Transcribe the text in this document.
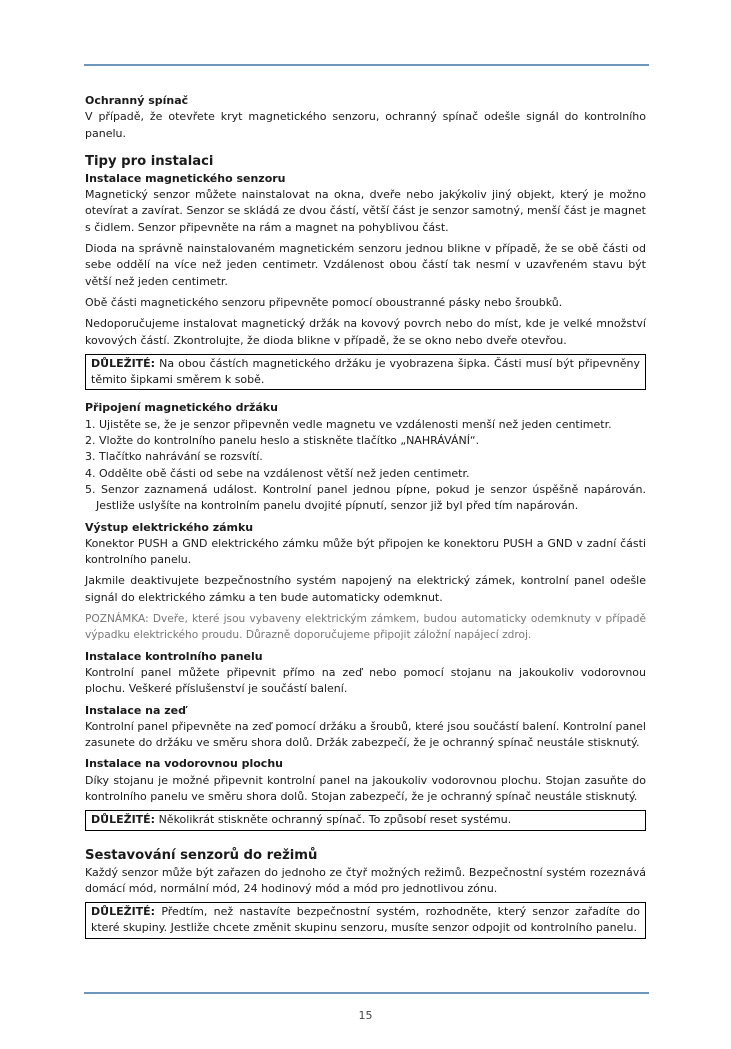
Ochranný spínač

V případě, že otevřete kryt magnetického senzoru, ochranný spínač odešle signál do kontrolního panelu.

Tipy pro instalaci
Instalace magnetického senzoru

Magnetický senzor můžete nainstalovat na okna, dveře nebo jakýkoliv jiný objekt, který je možno otevírat a zavírat. Senzor se skládá ze dvou částí, větší část je senzor samotný, menší část je magnet s čidlem. Senzor připevněte na rám a magnet na pohyblivou část.

Dioda na správně nainstalovaném magnetickém senzoru jednou blikne v případě, že se obě části od sebe oddělí na více než jeden centimetr. Vzdálenost obou částí tak nesmí v uzavřeném stavu být větší než jeden centimetr.

Obě části magnetického senzoru připevněte pomocí oboustranné pásky nebo šroubků.

Nedoporučujeme instalovat magnetický držák na kovový povrch nebo do míst, kde je velké množství kovových částí. Zkontrolujte, že dioda blikne v případě, že se okno nebo dveře otevřou.

DŮLEŽITÉ: Na obou částích magnetického držáku je vyobrazena šipka. Části musí být připevněny těmito šipkami směrem k sobě.
Připojení magnetického držáku
1. Ujistěte se, že je senzor připevněn vedle magnetu ve vzdálenosti menší než jeden centimetr.
2. Vložte do kontrolního panelu heslo a stiskněte tlačítko „NAHRÁVÁNÍ“.
3. Tlačítko nahrávání se rozsvítí.
4. Oddělte obě části od sebe na vzdálenost větší než jeden centimetr.
5. Senzor zaznamená událost. Kontrolní panel jednou pípne, pokud je senzor úspěšně napárován. Jestliže uslyšíte na kontrolním panelu dvojité pípnutí, senzor již byl před tím napárován.
Výstup elektrického zámku

Konektor PUSH a GND elektrického zámku může být připojen ke konektoru PUSH a GND v zadní části kontrolního panelu.

Jakmile deaktivujete bezpečnostního systém napojený na elektrický zámek, kontrolní panel odešle signál do elektrického zámku a ten bude automaticky odemknut.

POZNÁMKA: Dveře, které jsou vybaveny elektrickým zámkem, budou automaticky odemknuty v případě výpadku elektrického proudu. Důrazně doporučujeme připojit záložní napájecí zdroj.

Instalace kontrolního panelu

Kontrolní panel můžete připevnit přímo na zeď nebo pomocí stojanu na jakoukoliv vodorovnou plochu. Veškeré příslušenství je součástí balení.

Instalace na zeď

Kontrolní panel připevněte na zeď pomocí držáku a šroubů, které jsou součástí balení. Kontrolní panel zasunete do držáku ve směru shora dolů. Držák zabezpečí, že je ochranný spínač neustále stisknutý.

Instalace na vodorovnou plochu

Díky stojanu je možné připevnit kontrolní panel na jakoukoliv vodorovnou plochu. Stojan zasuňte do kontrolního panelu ve směru shora dolů. Stojan zabezpečí, že je ochranný spínač neustále stisknutý.

DŮLEŽITÉ: Několikrát stiskněte ochranný spínač. To způsobí reset systému.
Sestavování senzorů do režimů

Každý senzor může být zařazen do jednoho ze čtyř možných režimů. Bezpečnostní systém rozeznává domácí mód, normální mód, 24 hodinový mód a mód pro jednotlivou zónu.

DŮLEŽITÉ: Předtím, než nastavíte bezpečnostní systém, rozhodněte, který senzor zařadíte do které skupiny. Jestliže chcete změnit skupinu senzoru, musíte senzor odpojit od kontrolního panelu.
15
